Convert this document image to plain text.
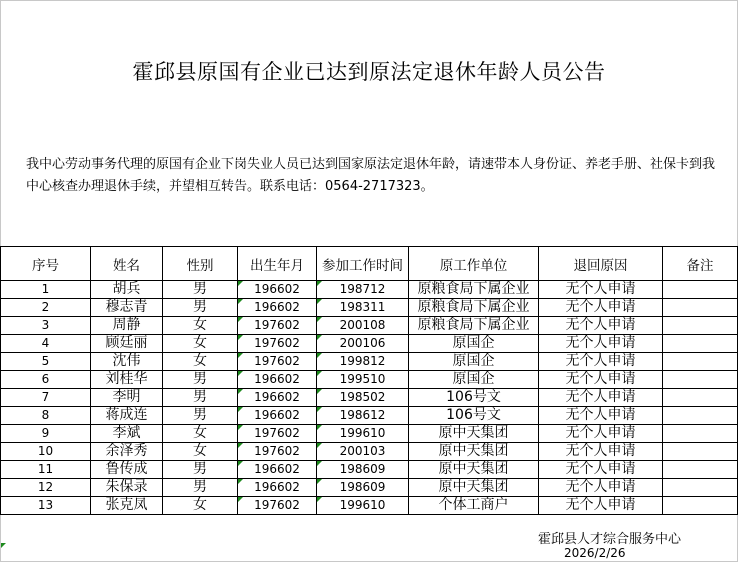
霍邱县原国有企业已达到原法定退休年龄人员公告
我中心劳动事务代理的原国有企业下岗失业人员已达到国家原法定退休年龄，请速带本人身份证、养老手册、社保卡到我中心核查办理退休手续，并望相互转告。联系电话：0564-2717323。
序号	姓名	性别	出生年月	参加工作时间	原工作单位	退回原因	备注
1	胡兵	男	196602	198712	原粮食局下属企业	无个人申请	
2	穆志青	男	196602	198311	原粮食局下属企业	无个人申请	
3	周静	女	197602	200108	原粮食局下属企业	无个人申请	
4	顾廷丽	女	197602	200106	原国企	无个人申请	
5	沈伟	女	197602	199812	原国企	无个人申请	
6	刘桂华	男	196602	199510	原国企	无个人申请	
7	李明	男	196602	198502	106号文	无个人申请	
8	蒋成连	男	196602	198612	106号文	无个人申请	
9	李斌	女	197602	199610	原中天集团	无个人申请	
10	余泽秀	女	197602	200103	原中天集团	无个人申请	
11	鲁传成	男	196602	198609	原中天集团	无个人申请	
12	朱保录	男	196602	198609	原中天集团	无个人申请	
13	张克凤	女	197602	199610	个体工商户	无个人申请	
霍邱县人才综合服务中心
2026/2/26
